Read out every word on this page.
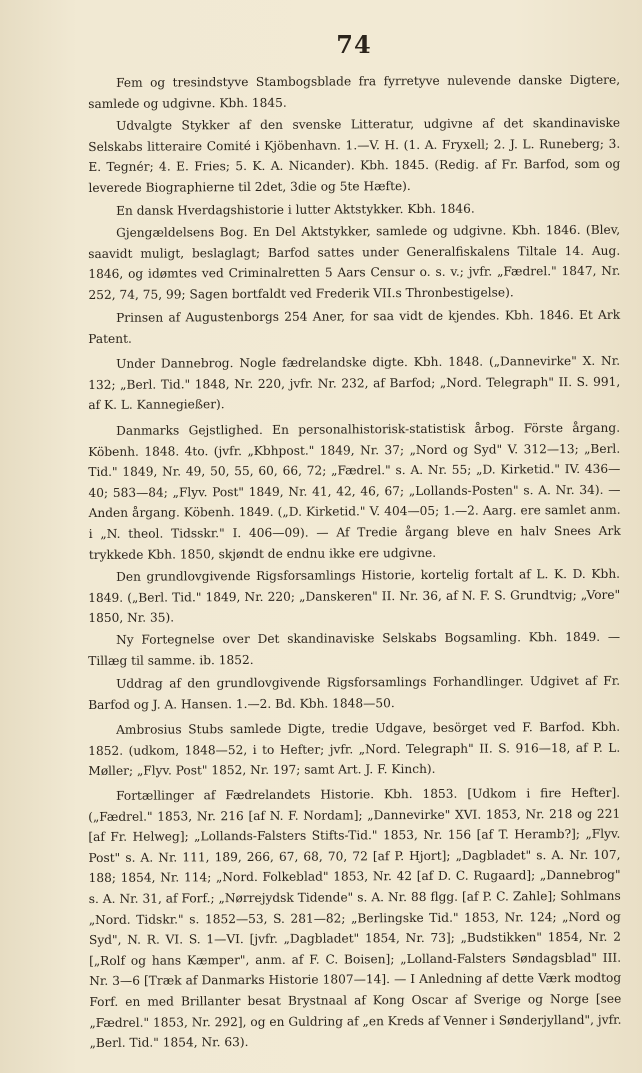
74

Fem og tresindstyve Stambogsblade fra fyrretyve nulevende danske Digtere, samlede og udgivne. Kbh. 1845.

Udvalgte Stykker af den svenske Litteratur, udgivne af det skandinaviske Selskabs litteraire Comité i Kjöbenhavn. 1.—V. H. (1. A. Fryxell; 2. J. L. Runeberg; 3. E. Tegnér; 4. E. Fries; 5. K. A. Nicander). Kbh. 1845. (Redig. af Fr. Barfod, som og leverede Biographierne til 2det, 3die og 5te Hæfte).

En dansk Hverdagshistorie i lutter Aktstykker. Kbh. 1846.

Gjengældelsens Bog. En Del Aktstykker, samlede og udgivne. Kbh. 1846. (Blev, saavidt muligt, beslaglagt; Barfod sattes under Generalfiskalens Tiltale 14. Aug. 1846, og idømtes ved Criminalretten 5 Aars Censur o. s. v.; jvfr. „Fædrel." 1847, Nr. 252, 74, 75, 99; Sagen bortfaldt ved Frederik VII.s Thronbestigelse).

Prinsen af Augustenborgs 254 Aner, for saa vidt de kjendes. Kbh. 1846. Et Ark Patent.

Under Dannebrog. Nogle fædrelandske digte. Kbh. 1848. („Dannevirke" X. Nr. 132; „Berl. Tid." 1848, Nr. 220, jvfr. Nr. 232, af Barfod; „Nord. Telegraph" II. S. 991, af K. L. Kannegießer).

Danmarks Gejstlighed. En personalhistorisk-statistisk årbog. Förste årgang. Köbenh. 1848. 4to. (jvfr. „Kbhpost." 1849, Nr. 37; „Nord og Syd" V. 312—13; „Berl. Tid." 1849, Nr. 49, 50, 55, 60, 66, 72; „Fædrel." s. A. Nr. 55; „D. Kirketid." IV. 436—40; 583—84; „Flyv. Post" 1849, Nr. 41, 42, 46, 67; „Lollands-Posten" s. A. Nr. 34). — Anden årgang. Köbenh. 1849. („D. Kirketid." V. 404—05; 1.—2. Aarg. ere samlet anm. i „N. theol. Tidsskr." I. 406—09). — Af Tredie årgang bleve en halv Snees Ark trykkede Kbh. 1850, skjøndt de endnu ikke ere udgivne.

Den grundlovgivende Rigsforsamlings Historie, kortelig fortalt af L. K. D. Kbh. 1849. („Berl. Tid." 1849, Nr. 220; „Danskeren" II. Nr. 36, af N. F. S. Grundtvig; „Vore" 1850, Nr. 35).

Ny Fortegnelse over Det skandinaviske Selskabs Bogsamling. Kbh. 1849. — Tillæg til samme. ib. 1852.

Uddrag af den grundlovgivende Rigsforsamlings Forhandlinger. Udgivet af Fr. Barfod og J. A. Hansen. 1.—2. Bd. Kbh. 1848—50.

Ambrosius Stubs samlede Digte, tredie Udgave, besörget ved F. Barfod. Kbh. 1852. (udkom, 1848—52, i to Hefter; jvfr. „Nord. Telegraph" II. S. 916—18, af P. L. Møller; „Flyv. Post" 1852, Nr. 197; samt Art. J. F. Kinch).

Fortællinger af Fædrelandets Historie. Kbh. 1853. [Udkom i fire Hefter]. („Fædrel." 1853, Nr. 216 [af N. F. Nordam]; „Dannevirke" XVI. 1853, Nr. 218 og 221 [af Fr. Helweg]; „Lollands-Falsters Stifts-Tid." 1853, Nr. 156 [af T. Heramb?]; „Flyv. Post" s. A. Nr. 111, 189, 266, 67, 68, 70, 72 [af P. Hjort]; „Dagbladet" s. A. Nr. 107, 188; 1854, Nr. 114; „Nord. Folkeblad" 1853, Nr. 42 [af D. C. Rugaard]; „Dannebrog" s. A. Nr. 31, af Forf.; „Nørrejydsk Tidende" s. A. Nr. 88 flgg. [af P. C. Zahle]; Sohlmans „Nord. Tidskr." s. 1852—53, S. 281—82; „Berlingske Tid." 1853, Nr. 124; „Nord og Syd", N. R. VI. S. 1—VI. [jvfr. „Dagbladet" 1854, Nr. 73]; „Budstikken" 1854, Nr. 2 [„Rolf og hans Kæmper", anm. af F. C. Boisen]; „Lolland-Falsters Søndagsblad" III. Nr. 3—6 [Træk af Danmarks Historie 1807—14]. — I Anledning af dette Værk modtog Forf. en med Brillanter besat Brystnaal af Kong Oscar af Sverige og Norge [see „Fædrel." 1853, Nr. 292], og en Guldring af „en Kreds af Venner i Sønderjylland", jvfr. „Berl. Tid." 1854, Nr. 63).
